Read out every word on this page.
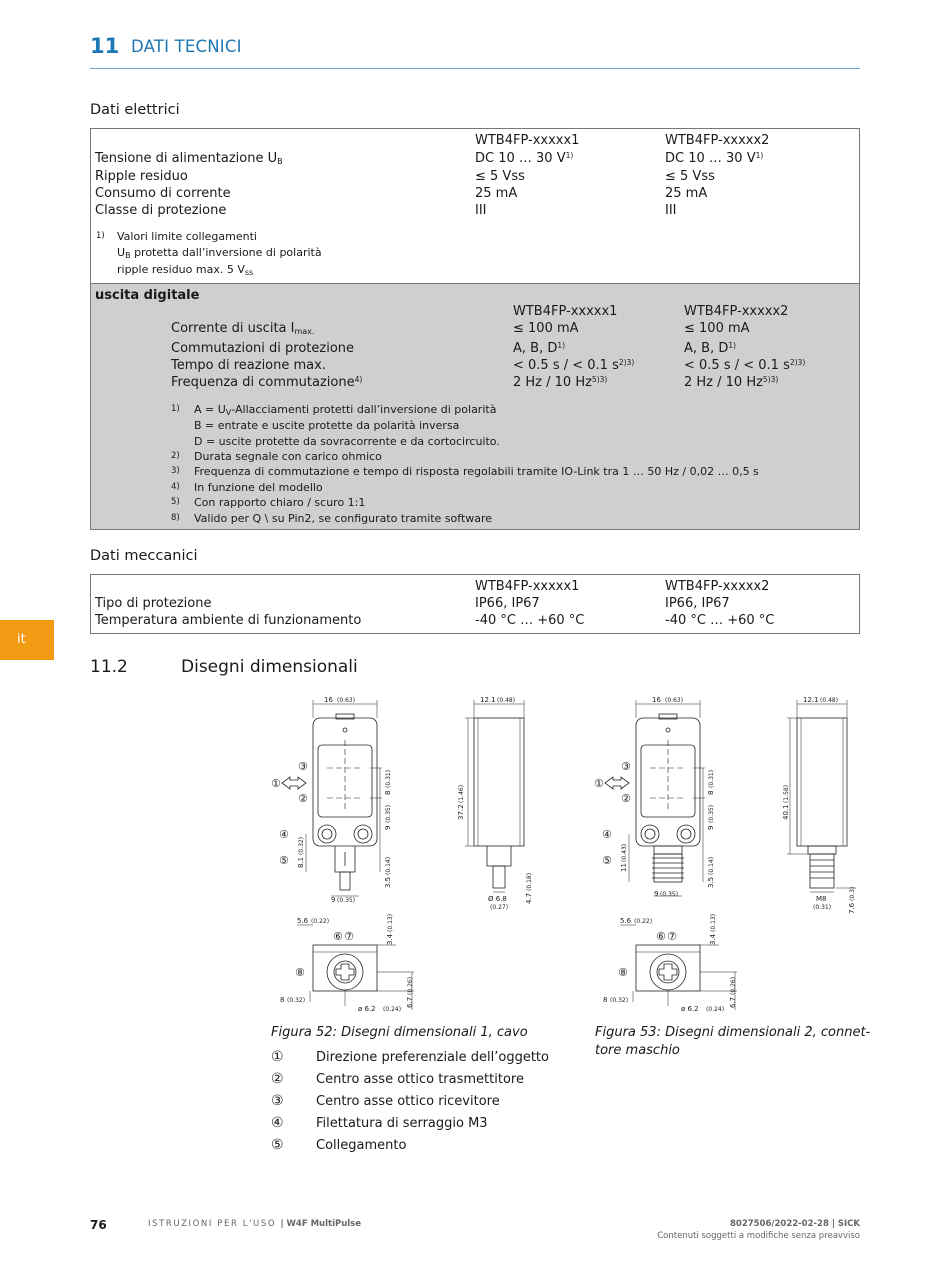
11 DATI TECNICI
Dati elettrici
WTB4FP-xxxxx1	WTB4FP-xxxxx2
Tensione di alimentazione $U_B$	DC 10 … 30 $V^{1)}$	DC 10 … 30 $V^{1)}$
Ripple residuo	≤ 5 Vss	≤ 5 Vss
Consumo di corrente	25 mA	25 mA
Classe di protezione	III	III
1) Valori limite collegamenti
$U_B$ protetta dall’inversione di polarità
ripple residuo max. 5 $V_{ss}$
uscita digitale
WTB4FP-xxxxx1	WTB4FP-xxxxx2
Corrente di uscita $I_{max.}$	≤ 100 mA	≤ 100 mA
Commutazioni di protezione	A, B, $D^{1)}$	A, B, $D^{1)}$
Tempo di reazione max.	< 0.5 s / < 0.1 $s^{2)3)}$	< 0.5 s / < 0.1 $s^{2)3)}$
Frequenza di commutazione$^{4)}$	2 Hz / 10 $Hz^{5)3)}$	2 Hz / 10 $Hz^{5)3)}$
1) $A = U_V$-Allacciamenti protetti dall’inversione di polarità
B = entrate e uscite protette da polarità inversa
D = uscite protette da sovracorrente e da cortocircuito.
2) Durata segnale con carico ohmico
3) Frequenza di commutazione e tempo di risposta regolabili tramite IO-Link tra 1 … 50 Hz / 0,02 … 0,5 s
4) In funzione del modello
5) Con rapporto chiaro / scuro 1:1
8) Valido per Q \ su Pin2, se configurato tramite software
Dati meccanici
WTB4FP-xxxxx1	WTB4FP-xxxxx2
Tipo di protezione	IP66, IP67	IP66, IP67
Temperatura ambiente di funzionamento	-40 °C … +60 °C	-40 °C … +60 °C
it
11.2	Disegni dimensionali
16 (0.63)
③
①
②
④
⑤
9 (0.35)
8
(0.31)
9
(0.35)
3.5
(0.14)
8.1
(0.32)
12.1 (0.48)
37.2
(1.46)
Ø 6.8
(0.27)
4.7
(0.18)
5.6 (0.22)
⑥ ⑦
⑧
8 (0.32)
ø 6.2 (0.24)
3.4
(0.13)
6.7
(0.26)
16 (0.63)
③
①
②
④
⑤
9 (0.35)
8
(0.31)
9
(0.35)
3.5
(0.14)
11
(0.43)
12.1 (0.48)
40.1
(1.58)
M8
(0.31) 7.6
(0.3)
5.6 (0.22)
⑥ ⑦
⑧
8 (0.32)
ø 6.2 (0.24)
3.4
(0.13)
6.7
(0.26)
Figura 52: Disegni dimensionali 1, cavo	Figura 53: Disegni dimensionali 2, connet-
tore maschio
① Direzione preferenziale dell’oggetto
② Centro asse ottico trasmettitore
③ Centro asse ottico ricevitore
④ Filettatura di serraggio M3
⑤ Collegamento
76	ISTRUZIONI PER L'USO | W4F MultiPulse	8027506/2022-02-28 | SICK
Contenuti soggetti a modifiche senza preavviso
